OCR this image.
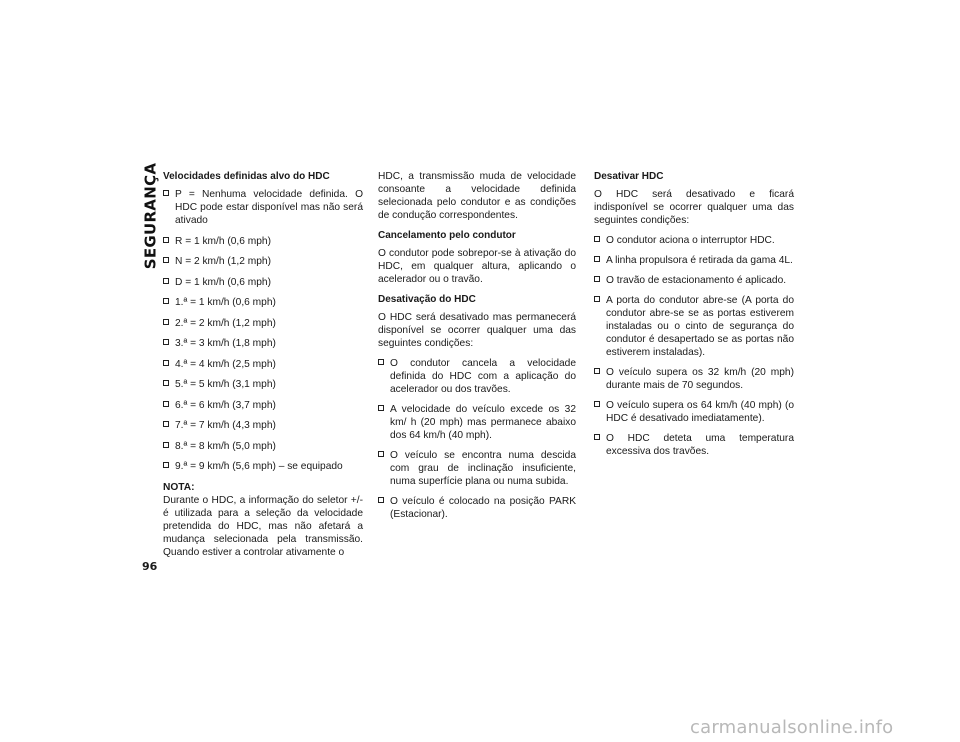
SEGURANÇA Velocidades definidas alvo do HDC
P = Nenhuma velocidade definida. O HDC pode estar disponível mas não será ativado
R = 1 km/h (0,6 mph)
N = 2 km/h (1,2 mph)
D = 1 km/h (0,6 mph)
1.ª = 1 km/h (0,6 mph)
2.ª = 2 km/h (1,2 mph)
3.ª = 3 km/h (1,8 mph)
4.ª = 4 km/h (2,5 mph)
5.ª = 5 km/h (3,1 mph)
6.ª = 6 km/h (3,7 mph)
7.ª = 7 km/h (4,3 mph)
8.ª = 8 km/h (5,0 mph)
9.ª = 9 km/h (5,6 mph) – se equipado
NOTA:
Durante o HDC, a informação do seletor +/- é utilizada para a seleção da velocidade pretendida do HDC, mas não afetará a mudança selecionada pela transmissão. Quando estiver a controlar ativamente o
HDC, a transmissão muda de velocidade consoante a velocidade definida selecionada pelo condutor e as condições de condução correspondentes.
Cancelamento pelo condutor
O condutor pode sobrepor-se à ativação do HDC, em qualquer altura, aplicando o acelerador ou o travão.
Desativação do HDC
O HDC será desativado mas permanecerá disponível se ocorrer qualquer uma das seguintes condições:
O condutor cancela a velocidade definida do HDC com a aplicação do acelerador ou dos travões.
A velocidade do veículo excede os 32 km/ h (20 mph) mas permanece abaixo dos 64 km/h (40 mph).
O veículo se encontra numa descida com grau de inclinação insuficiente, numa superfície plana ou numa subida.
O veículo é colocado na posição PARK (Estacionar).
Desativar HDC
O HDC será desativado e ficará indisponível se ocorrer qualquer uma das seguintes condições:
O condutor aciona o interruptor HDC.
A linha propulsora é retirada da gama 4L.
O travão de estacionamento é aplicado.
A porta do condutor abre-se (A porta do condutor abre-se se as portas estiverem instaladas ou o cinto de segurança do condutor é desapertado se as portas não estiverem instaladas).
O veículo supera os 32 km/h (20 mph) durante mais de 70 segundos.
O veículo supera os 64 km/h (40 mph) (o HDC é desativado imediatamente).
O HDC deteta uma temperatura excessiva dos travões.
96
carmanualsonline.info
